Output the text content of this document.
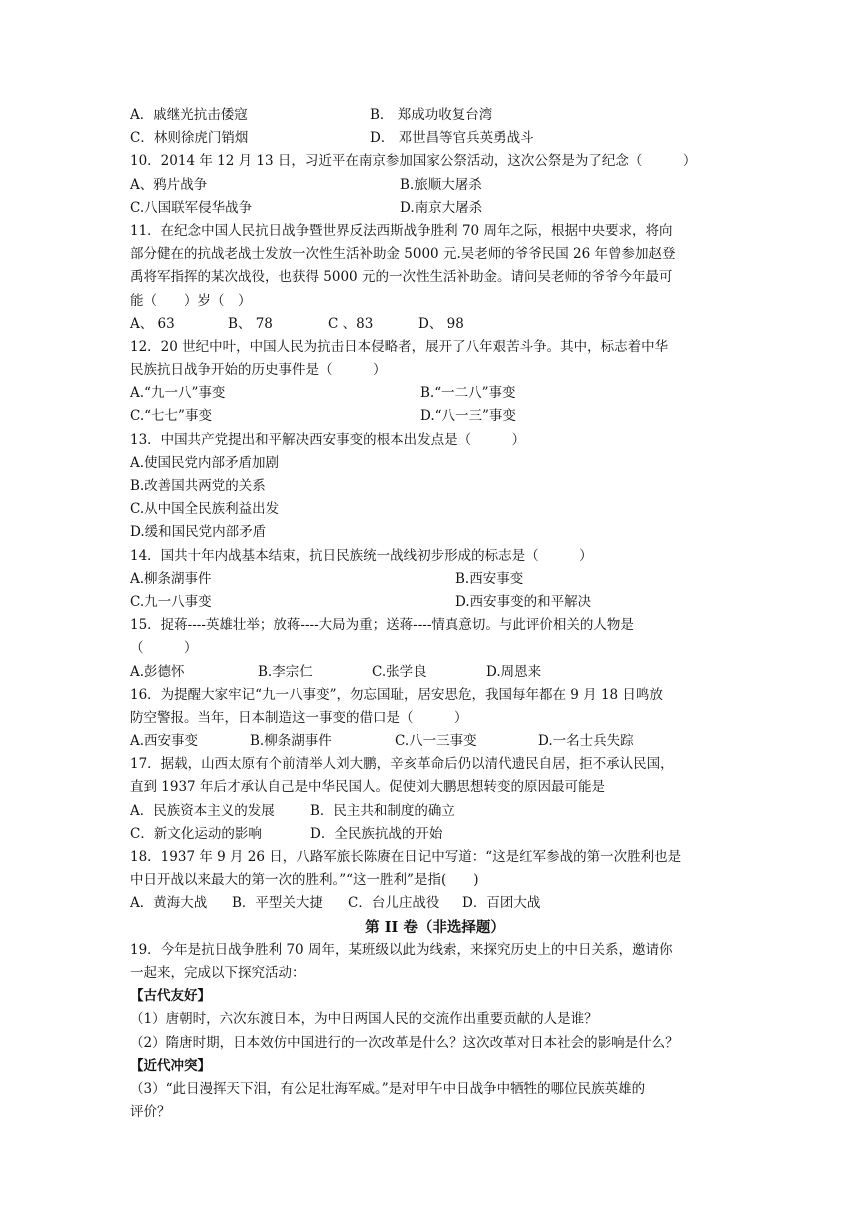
A．戚继光抗击倭寇	B． 郑成功收复台湾
C．林则徐虎门销烟	D． 邓世昌等官兵英勇战斗
10．2014 年 12 月 13 日，习近平在南京参加国家公祭活动，这次公祭是为了纪念（　　　）
A、鸦片战争	B.旅顺大屠杀
C.八国联军侵华战争	D.南京大屠杀
11．在纪念中国人民抗日战争暨世界反法西斯战争胜利 70 周年之际，根据中央要求，将向
部分健在的抗战老战士发放一次性生活补助金 5000 元.吴老师的爷爷民国 26 年曾参加赵登
禹将军指挥的某次战役，也获得 5000 元的一次性生活补助金。请问吴老师的爷爷今年最可
能（　　）岁（　）
A、 63	B、 78	C 、83	D、 98
12．20 世纪中叶，中国人民为抗击日本侵略者，展开了八年艰苦斗争。其中，标志着中华
民族抗日战争开始的历史事件是（　　　）
A.“九一八”事变	B.“一二八”事变
C.“七七”事变	D.“八一三”事变
13．中国共产党提出和平解决西安事变的根本出发点是（　　　）
A.使国民党内部矛盾加剧
B.改善国共两党的关系
C.从中国全民族利益出发
D.缓和国民党内部矛盾
14．国共十年内战基本结束，抗日民族统一战线初步形成的标志是（　　　）
A.柳条湖事件	B.西安事变
C.九一八事变	D.西安事变的和平解决
15．捉蒋----英雄壮举；放蒋----大局为重；送蒋----情真意切。与此评价相关的人物是
（　　　）
A.彭德怀	B.李宗仁	C.张学良	D.周恩来
16．为提醒大家牢记“九一八事变”，勿忘国耻，居安思危，我国每年都在 9 月 18 日鸣放
防空警报。当年，日本制造这一事变的借口是（　　　）
A.西安事变	B.柳条湖事件	C.八一三事变	D.一名士兵失踪
17．据载，山西太原有个前清举人刘大鹏，辛亥革命后仍以清代遗民自居，拒不承认民国，
直到 1937 年后才承认自己是中华民国人。促使刘大鹏思想转变的原因最可能是
A．民族资本主义的发展	B．民主共和制度的确立
C．新文化运动的影响	D．全民族抗战的开始
18．1937 年 9 月 26 日，八路军旅长陈赓在日记中写道：“这是红军参战的第一次胜利也是
中日开战以来最大的第一次的胜利。”“这一胜利”是指(　　)
A．黄海大战 B．平型关大捷 C．台儿庄战役 D．百团大战
第 II 卷（非选择题）
19．今年是抗日战争胜利 70 周年，某班级以此为线索，来探究历史上的中日关系，邀请你
一起来，完成以下探究活动：
【古代友好】
（1）唐朝时，六次东渡日本，为中日两国人民的交流作出重要贡献的人是谁？
（2）隋唐时期，日本效仿中国进行的一次改革是什么？这次改革对日本社会的影响是什么？
【近代冲突】
（3）“此日漫挥天下泪，有公足壮海军威。”是对甲午中日战争中牺牲的哪位民族英雄的
评价？
